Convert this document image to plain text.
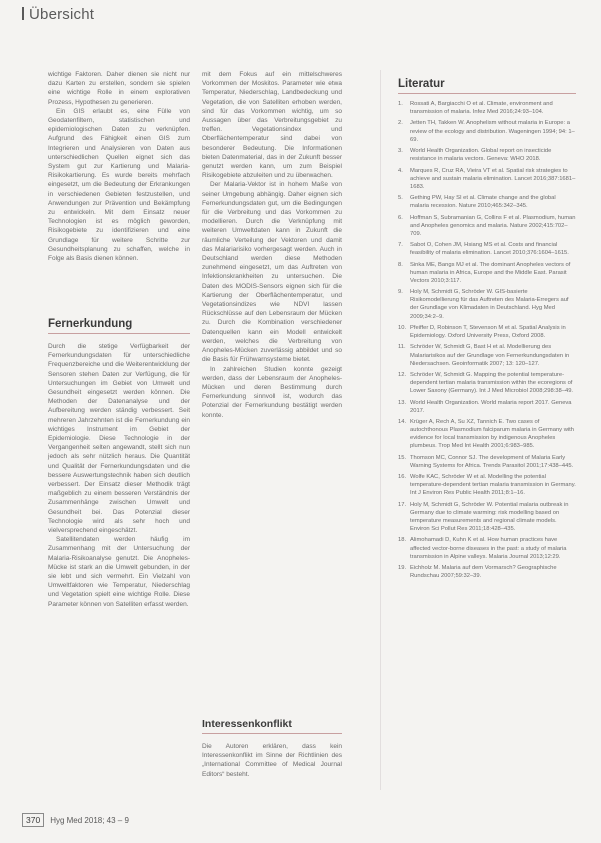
Übersicht

wichtige Faktoren. Daher dienen sie nicht nur dazu Karten zu erstellen, sondern sie spielen eine wichtige Rolle in einem explorativen Prozess, Hypothesen zu generieren.

Ein GIS erlaubt es, eine Fülle von Geodatenfiltern, statistischen und epidemiologischen Daten zu verknüpfen. Aufgrund des Fähigkeit einen GIS zum Integrieren und Analysieren von Daten aus unterschiedlichen Quellen eignet sich das System gut zur Kartierung und Malaria-Risikokartierung. Es wurde bereits mehrfach eingesetzt, um die Bedeutung der Erkrankungen in verschiedenen Gebieten festzustellen, und Anwendungen zur Prävention und Bekämpfung zu entwickeln. Mit dem Einsatz neuer Technologien ist es möglich geworden, Risikogebiete zu identifizieren und eine Grundlage für weitere Schritte zur Gesundheitsplanung zu schaffen, welche in Folge als Basis dienen können.

Fernerkundung

Durch die stetige Verfügbarkeit der Fernerkundungsdaten für unterschiedliche Frequenzbereiche und die Weiterentwicklung der Sensoren stehen Daten zur Verfügung, die für Untersuchungen im Gebiet von Umwelt und Gesundheit eingesetzt werden können. Die Methoden der Datenanalyse und der Aufbereitung werden ständig verbessert. Seit mehreren Jahrzehnten ist die Fernerkundung ein wichtiges Instrument im Gebiet der Epidemiologie. Diese Technologie in der Vergangenheit selten angewandt, stellt sich nun jedoch als sehr nützlich heraus. Die Quantität und Qualität der Fernerkundungsdaten und die bessere Auswertungstechnik haben sich deutlich verbessert. Der Einsatz dieser Methodik trägt maßgeblich zu einem besseren Verständnis der Zusammenhänge zwischen Umwelt und Gesundheit bei. Das Potenzial dieser Technologie wird als sehr hoch und vielversprechend eingeschätzt.

Satellitendaten werden häufig im Zusammenhang mit der Untersuchung der Malaria-Risikoanalyse genutzt. Die Anopheles-Mücke ist stark an die Umwelt gebunden, in der sie lebt und sich vermehrt. Ein Vielzahl von Umweltfaktoren wie Temperatur, Niederschlag und Vegetation spielt eine wichtige Rolle. Diese Parameter können von Satelliten erfasst werden.

mit dem Fokus auf ein mittelschweres Vorkommen der Moskitos. Parameter wie etwa Temperatur, Niederschlag, Landbedeckung und Vegetation, die von Satelliten erhoben werden, sind für das Vorkommen wichtig, um so Aussagen über das Verbreitungsgebiet zu treffen. Vegetationsindex und Oberflächentemperatur sind dabei von besonderer Bedeutung. Die Informationen bieten Datenmaterial, das in der Zukunft besser genutzt werden kann, um zum Beispiel Risikogebiete abzuleiten und zu überwachen.

Der Malaria-Vektor ist in hohem Maße von seiner Umgebung abhängig. Daher eignen sich Fernerkundungsdaten gut, um die Bedingungen für die Verbreitung und das Vorkommen zu modellieren. Durch die Verknüpfung mit weiteren Umweltdaten kann in Zukunft die räumliche Verteilung der Vektoren und damit das Malariarisiko vorhergesagt werden. Auch in Deutschland werden diese Methoden zunehmend eingesetzt, um das Auftreten von Infektionskrankheiten zu untersuchen. Die Daten des MODIS-Sensors eignen sich für die Kartierung der Oberflächentemperatur, und Vegetationsindizes wie NDVI lassen Rückschlüsse auf den Lebensraum der Mücken zu. Durch die Kombination verschiedener Datenquellen kann ein Modell entwickelt werden, welches die Verbreitung von Anopheles-Mücken zuverlässig abbildet und so die Basis für Frühwarnsysteme bietet.

In zahlreichen Studien konnte gezeigt werden, dass der Lebensraum der Anopheles-Mücken und deren Bestimmung durch Fernerkundung sinnvoll ist, wodurch das Potenzial der Fernerkundung bestätigt werden konnte.

Interessenkonflikt
Die Autoren erklären, dass kein Interessenkonflikt im Sinne der Richtlinien des „International Committee of Medical Journal Editors“ besteht.
Literatur
1.	Rossati A, Bargiacchi O et al. Climate, environment and transmission of malaria. Infez Med 2016;24:93–104.
2.	Jetten TH, Takken W. Anophelism without malaria in Europe: a review of the ecology and distribution. Wageningen 1994; 94: 1–69.
3.	World Health Organization. Global report on insecticide resistance in malaria vectors. Geneva: WHO 2018.
4.	Marques R, Cruz RA, Vieira VT et al. Spatial risk strategies to achieve and sustain malaria elimination. Lancet 2016;387:1681–1683.
5.	Gething PW, Hay SI et al. Climate change and the global malaria recession. Nature 2010;465:342–345.
6.	Hoffman S, Subramanian G, Collins F et al. Plasmodium, human and Anopheles genomics and malaria. Nature 2002;415:702–709.
7.	Sabot O, Cohen JM, Hsiang MS et al. Costs and financial feasibility of malaria elimination. Lancet 2010;376:1604–1615.
8.	Sinka ME, Bangs MJ et al. The dominant Anopheles vectors of human malaria in Africa, Europe and the Middle East. Parasit Vectors 2010;3:117.
9.	Holy M, Schmidt G, Schröder W. GIS-basierte Risikomodellierung für das Auftreten des Malaria-Erregers auf der Grundlage von Klimadaten in Deutschland. Hyg Med 2009;34:2–9.
10. Pfeiffer D, Robinson T, Stevenson M et al. Spatial Analysis in Epidemiology. Oxford University Press, Oxford 2008.
11. Schröder W, Schmidt G, Bast H et al. Modellierung des Malariarisikos auf der Grundlage von Fernerkundungsdaten in Niedersachsen. Geoinformatik 2007; 13: 120–127.
12. Schröder W, Schmidt G. Mapping the potential temperature-dependent tertian malaria transmission within the ecoregions of Lower Saxony (Germany). Int J Med Microbiol 2008;298:38–49.
13. World Health Organization. World malaria report 2017. Geneva 2017.
14. Krüger A, Rech A, Su XZ, Tannich E. Two cases of autochthonous Plasmodium falciparum malaria in Germany with evidence for local transmission by indigenous Anopheles plumbeus. Trop Med Int Health 2001;6:983–985.
15. Thomson MC, Connor SJ. The development of Malaria Early Warning Systems for Africa. Trends Parasitol 2001;17:438–445.
16. Wolfe KAC, Schröder W et al. Modelling the potential temperature-dependent tertian malaria transmission in Germany. Int J Environ Res Public Health 2011;8:1–16.
17. Holy M, Schmidt G, Schröder W. Potential malaria outbreak in Germany due to climate warming: risk modelling based on temperature measurements and regional climate models. Environ Sci Pollut Res 2011;18:428–435.
18. Alimohamadi D, Kuhn K et al. How human practices have affected vector-borne diseases in the past: a study of malaria transmission in Alpine valleys. Malaria Journal 2013;12:29.
19. Eichholz M. Malaria auf dem Vormarsch? Geographische Rundschau 2007;59:32–39.
370 Hyg Med 2018; 43 – 9
